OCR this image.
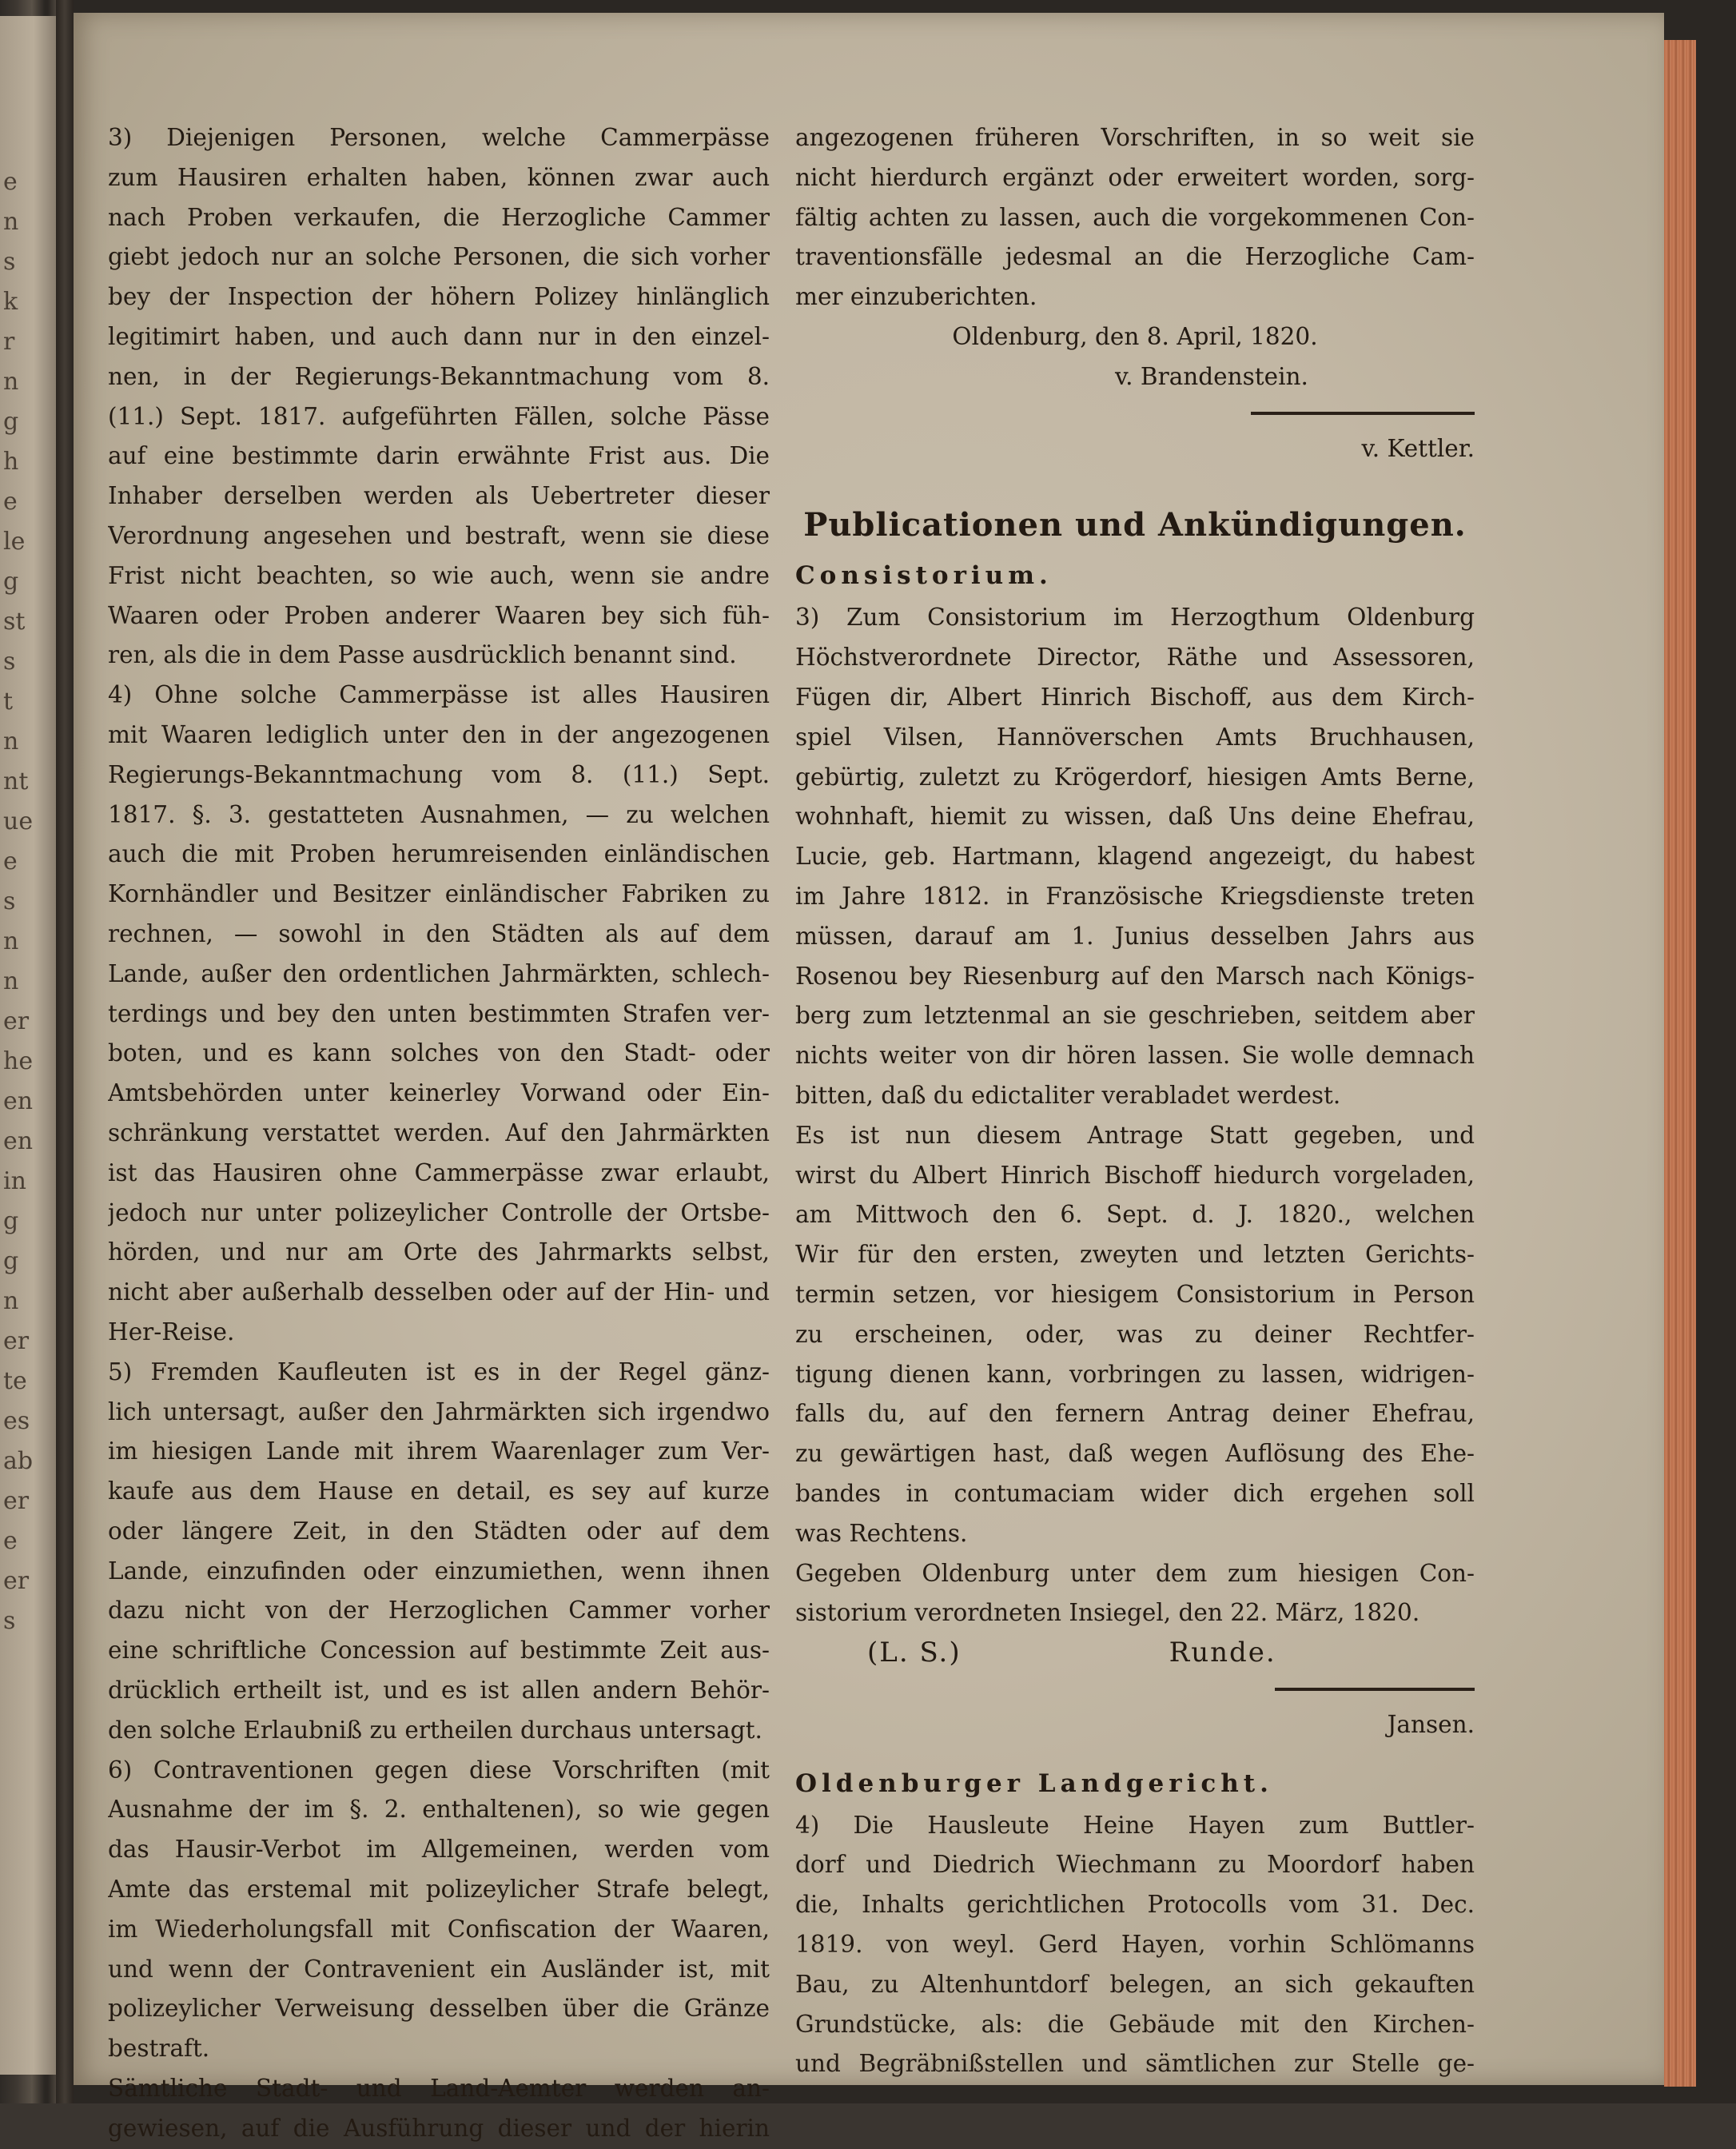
e
n
s
k
r
n
g
h
e
le
g
st
s
t
n
nt
ue
e
s
n
n
er
he
en
en
in
g
g
n
er
te
es
ab
er
e
er
s
3) Diejenigen Personen, welche Cammerpässe
zum Hausiren erhalten haben, können zwar auch
nach Proben verkaufen, die Herzogliche Cammer
giebt jedoch nur an solche Personen, die sich vorher
bey der Inspection der höhern Polizey hinlänglich
legitimirt haben, und auch dann nur in den einzel-
nen, in der Regierungs-Bekanntmachung vom 8.
(11.) Sept. 1817. aufgeführten Fällen, solche Pässe
auf eine bestimmte darin erwähnte Frist aus. Die
Inhaber derselben werden als Uebertreter dieser
Verordnung angesehen und bestraft, wenn sie diese
Frist nicht beachten, so wie auch, wenn sie andre
Waaren oder Proben anderer Waaren bey sich füh-
ren, als die in dem Passe ausdrücklich benannt sind.
4) Ohne solche Cammerpässe ist alles Hausiren
mit Waaren lediglich unter den in der angezogenen
Regierungs-Bekanntmachung vom 8. (11.) Sept.
1817. §. 3. gestatteten Ausnahmen, — zu welchen
auch die mit Proben herumreisenden einländischen
Kornhändler und Besitzer einländischer Fabriken zu
rechnen, — sowohl in den Städten als auf dem
Lande, außer den ordentlichen Jahrmärkten, schlech-
terdings und bey den unten bestimmten Strafen ver-
boten, und es kann solches von den Stadt- oder
Amtsbehörden unter keinerley Vorwand oder Ein-
schränkung verstattet werden. Auf den Jahrmärkten
ist das Hausiren ohne Cammerpässe zwar erlaubt,
jedoch nur unter polizeylicher Controlle der Ortsbe-
hörden, und nur am Orte des Jahrmarkts selbst,
nicht aber außerhalb desselben oder auf der Hin- und
Her-Reise.
5) Fremden Kaufleuten ist es in der Regel gänz-
lich untersagt, außer den Jahrmärkten sich irgendwo
im hiesigen Lande mit ihrem Waarenlager zum Ver-
kaufe aus dem Hause en detail, es sey auf kurze
oder längere Zeit, in den Städten oder auf dem
Lande, einzufinden oder einzumiethen, wenn ihnen
dazu nicht von der Herzoglichen Cammer vorher
eine schriftliche Concession auf bestimmte Zeit aus-
drücklich ertheilt ist, und es ist allen andern Behör-
den solche Erlaubniß zu ertheilen durchaus untersagt.
6) Contraventionen gegen diese Vorschriften (mit
Ausnahme der im §. 2. enthaltenen), so wie gegen
das Hausir-Verbot im Allgemeinen, werden vom
Amte das erstemal mit polizeylicher Strafe belegt,
im Wiederholungsfall mit Confiscation der Waaren,
und wenn der Contravenient ein Ausländer ist, mit
polizeylicher Verweisung desselben über die Gränze
bestraft.
Sämtliche Stadt- und Land-Aemter werden an-
gewiesen, auf die Ausführung dieser und der hierin
angezogenen früheren Vorschriften, in so weit sie
nicht hierdurch ergänzt oder erweitert worden, sorg-
fältig achten zu lassen, auch die vorgekommenen Con-
traventionsfälle jedesmal an die Herzogliche Cam-
mer einzuberichten.
Oldenburg, den 8. April, 1820.
v. Brandenstein.
v. Kettler.
Publicationen und Ankündigungen.
Consistorium.
3) Zum Consistorium im Herzogthum Oldenburg
Höchstverordnete Director, Räthe und Assessoren,
Fügen dir, Albert Hinrich Bischoff, aus dem Kirch-
spiel Vilsen, Hannöverschen Amts Bruchhausen,
gebürtig, zuletzt zu Krögerdorf, hiesigen Amts Berne,
wohnhaft, hiemit zu wissen, daß Uns deine Ehefrau,
Lucie, geb. Hartmann, klagend angezeigt, du habest
im Jahre 1812. in Französische Kriegsdienste treten
müssen, darauf am 1. Junius desselben Jahrs aus
Rosenou bey Riesenburg auf den Marsch nach Königs-
berg zum letztenmal an sie geschrieben, seitdem aber
nichts weiter von dir hören lassen. Sie wolle demnach
bitten, daß du edictaliter verabladet werdest.
Es ist nun diesem Antrage Statt gegeben, und
wirst du Albert Hinrich Bischoff hiedurch vorgeladen,
am Mittwoch den 6. Sept. d. J. 1820., welchen
Wir für den ersten, zweyten und letzten Gerichts-
termin setzen, vor hiesigem Consistorium in Person
zu erscheinen, oder, was zu deiner Rechtfer-
tigung dienen kann, vorbringen zu lassen, widrigen-
falls du, auf den fernern Antrag deiner Ehefrau,
zu gewärtigen hast, daß wegen Auflösung des Ehe-
bandes in contumaciam wider dich ergehen soll
was Rechtens.
Gegeben Oldenburg unter dem zum hiesigen Con-
sistorium verordneten Insiegel, den 22. März, 1820.
(L. S.)	Runde.
Jansen.
Oldenburger Landgericht.
4) Die Hausleute Heine Hayen zum Buttler-
dorf und Diedrich Wiechmann zu Moordorf haben
die, Inhalts gerichtlichen Protocolls vom 31. Dec.
1819. von weyl. Gerd Hayen, vorhin Schlömanns
Bau, zu Altenhuntdorf belegen, an sich gekauften
Grundstücke, als: die Gebäude mit den Kirchen-
und Begräbnißstellen und sämtlichen zur Stelle ge-
